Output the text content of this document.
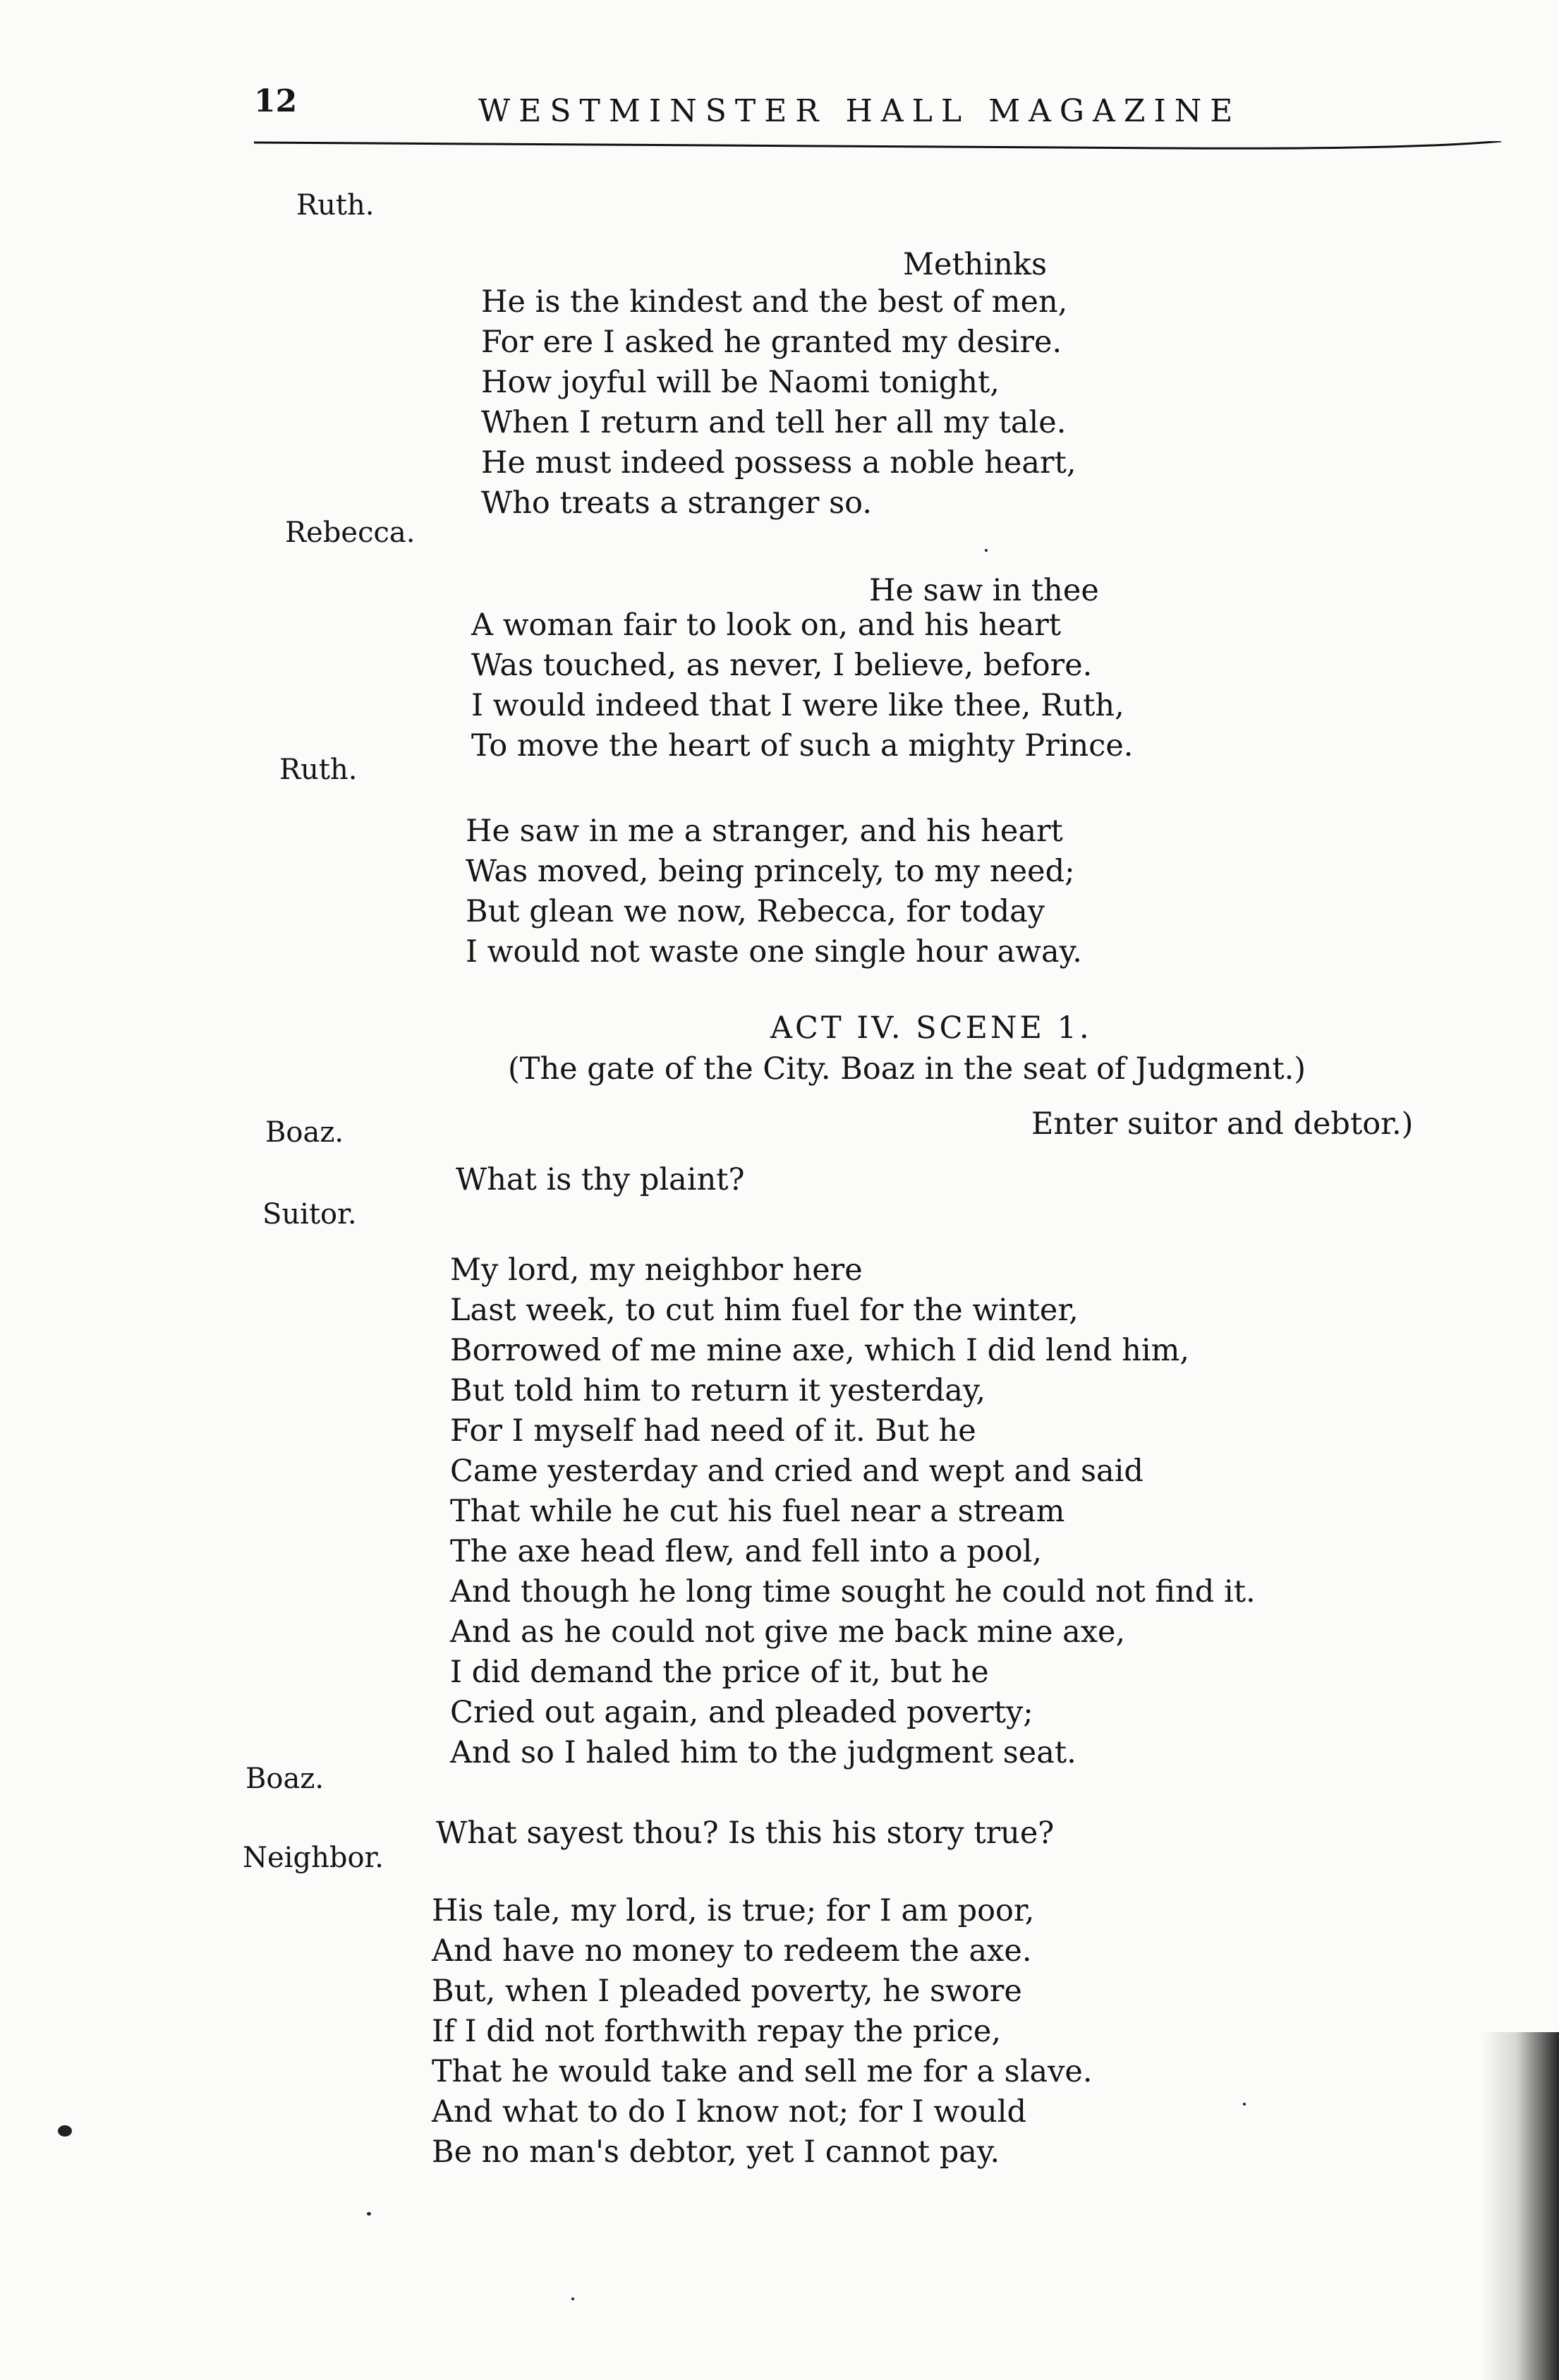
12	WESTMINSTER HALL MAGAZINE
Ruth.
Methinks
He is the kindest and the best of men,
For ere I asked he granted my desire.
How joyful will be Naomi tonight,
When I return and tell her all my tale.
He must indeed possess a noble heart,
Who treats a stranger so.
Rebecca.
He saw in thee
A woman fair to look on, and his heart
Was touched, as never, I believe, before.
I would indeed that I were like thee, Ruth,
To move the heart of such a mighty Prince.
Ruth.
He saw in me a stranger, and his heart
Was moved, being princely, to my need;
But glean we now, Rebecca, for today
I would not waste one single hour away.
ACT IV. SCENE 1.
(The gate of the City. Boaz in the seat of Judgment.)
Enter suitor and debtor.)
Boaz.
What is thy plaint?
Suitor.
My lord, my neighbor here
Last week, to cut him fuel for the winter,
Borrowed of me mine axe, which I did lend him,
But told him to return it yesterday,
For I myself had need of it. But he
Came yesterday and cried and wept and said
That while he cut his fuel near a stream
The axe head flew, and fell into a pool,
And though he long time sought he could not find it.
And as he could not give me back mine axe,
I did demand the price of it, but he
Cried out again, and pleaded poverty;
And so I haled him to the judgment seat.
Boaz.
What sayest thou? Is this his story true?
Neighbor.
His tale, my lord, is true; for I am poor,
And have no money to redeem the axe.
But, when I pleaded poverty, he swore
If I did not forthwith repay the price,
That he would take and sell me for a slave.
And what to do I know not; for I would
Be no man's debtor, yet I cannot pay.
